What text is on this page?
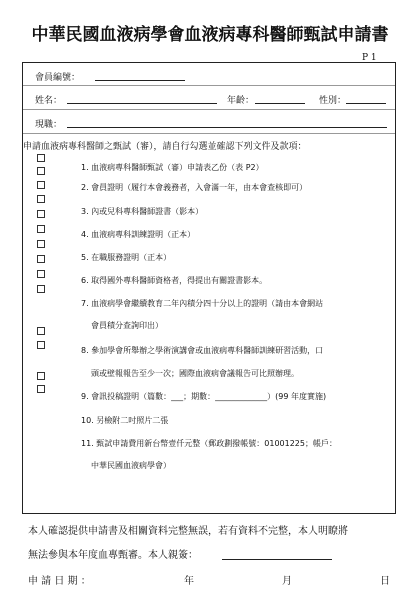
中華民國血液病學會血液病專科醫師甄試申請書
P 1
會員編號：
姓名：	年齡：	性別：
現職：
申請血液病專科醫師之甄試（審），請自行勾選並確認下列文件及款項：
1. 血液病專科醫師甄試（審）申請表乙份（表 P2）
2. 會員證明（履行本會義務者，入會滿一年，由本會查核即可）
3. 內或兒科專科醫師證書（影本）
4. 血液病專科訓練證明（正本）
5. 在職服務證明（正本）
6. 取得國外專科醫師資格者，得提出有關證書影本。
7. 血液病學會繼續教育二年內積分四十分以上的證明（請由本會網站
會員積分查詢印出）
8. 參加學會所舉辦之學術演講會或血液病專科醫師訓練研習活動，口
頭或壁報報告至少一次；國際血液病會議報告可比照辦理。
9. 會訊投稿證明（篇數：___；期數：_____________）(99 年度實施)
10. 另檢附二吋照片二張
11. 甄試申請費用新台幣壹仟元整（郵政劃撥帳號：01001225；帳戶：
中華民國血液病學會）
本人確認提供申請書及相關資料完整無誤，若有資料不完整，本人明瞭將
無法參與本年度血專甄審。本人親簽：
申 請 日 期 ：	年	月	日
